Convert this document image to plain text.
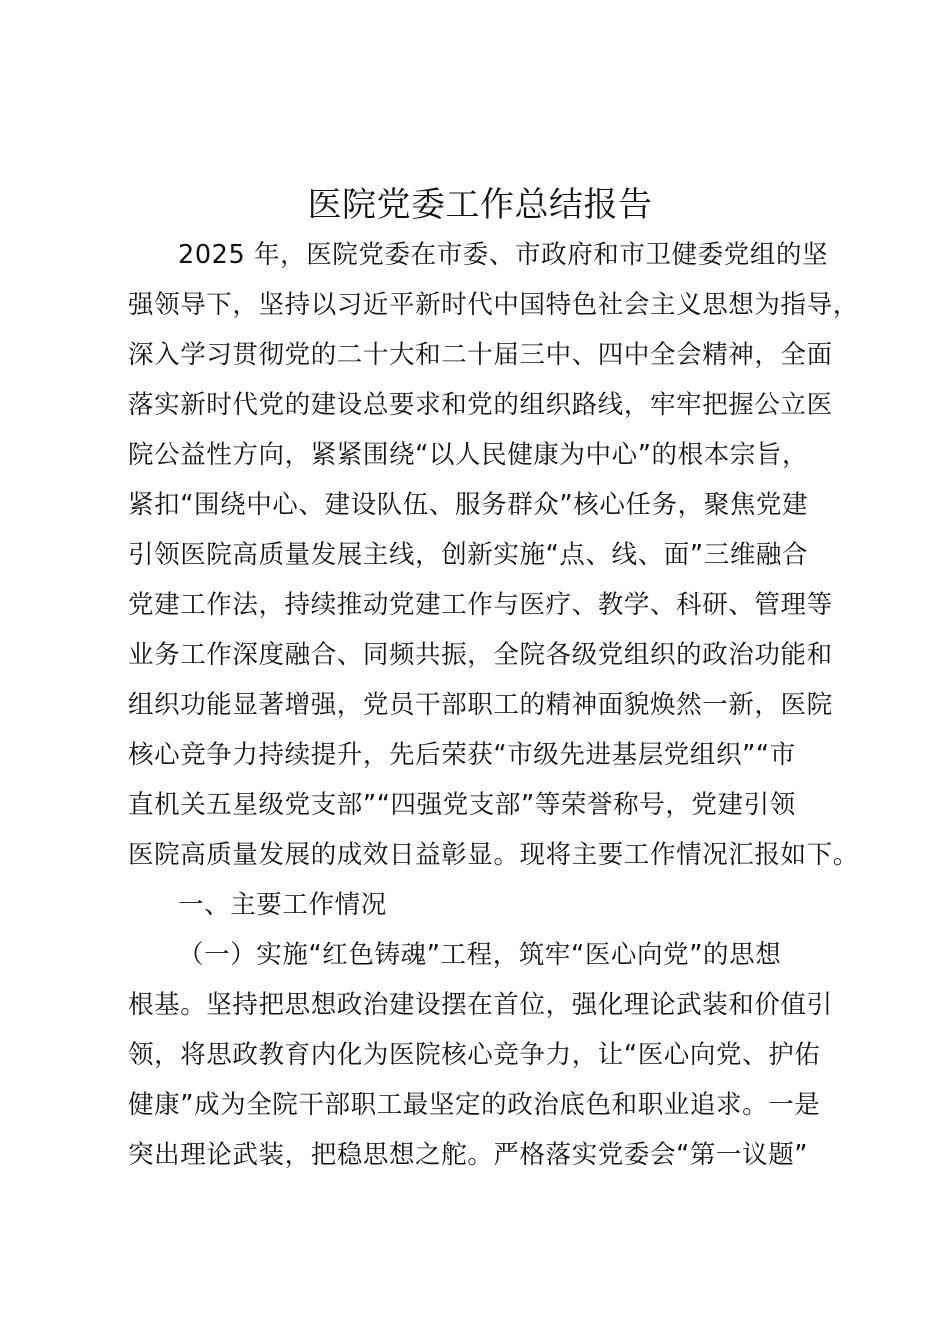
医院党委工作总结报告
2025 年，医院党委在市委、市政府和市卫健委党组的坚
强领导下，坚持以习近平新时代中国特色社会主义思想为指导，
深入学习贯彻党的二十大和二十届三中、四中全会精神，全面
落实新时代党的建设总要求和党的组织路线，牢牢把握公立医
院公益性方向，紧紧围绕“以人民健康为中心”的根本宗旨，
紧扣“围绕中心、建设队伍、服务群众”核心任务，聚焦党建
引领医院高质量发展主线，创新实施“点、线、面”三维融合
党建工作法，持续推动党建工作与医疗、教学、科研、管理等
业务工作深度融合、同频共振，全院各级党组织的政治功能和
组织功能显著增强，党员干部职工的精神面貌焕然一新，医院
核心竞争力持续提升，先后荣获“市级先进基层党组织”“市
直机关五星级党支部”“四强党支部”等荣誉称号，党建引领
医院高质量发展的成效日益彰显。现将主要工作情况汇报如下。
一、主要工作情况
（一）实施“红色铸魂”工程，筑牢“医心向党”的思想
根基。坚持把思想政治建设摆在首位，强化理论武装和价值引
领，将思政教育内化为医院核心竞争力，让“医心向党、护佑
健康”成为全院干部职工最坚定的政治底色和职业追求。一是
突出理论武装，把稳思想之舵。严格落实党委会“第一议题”
